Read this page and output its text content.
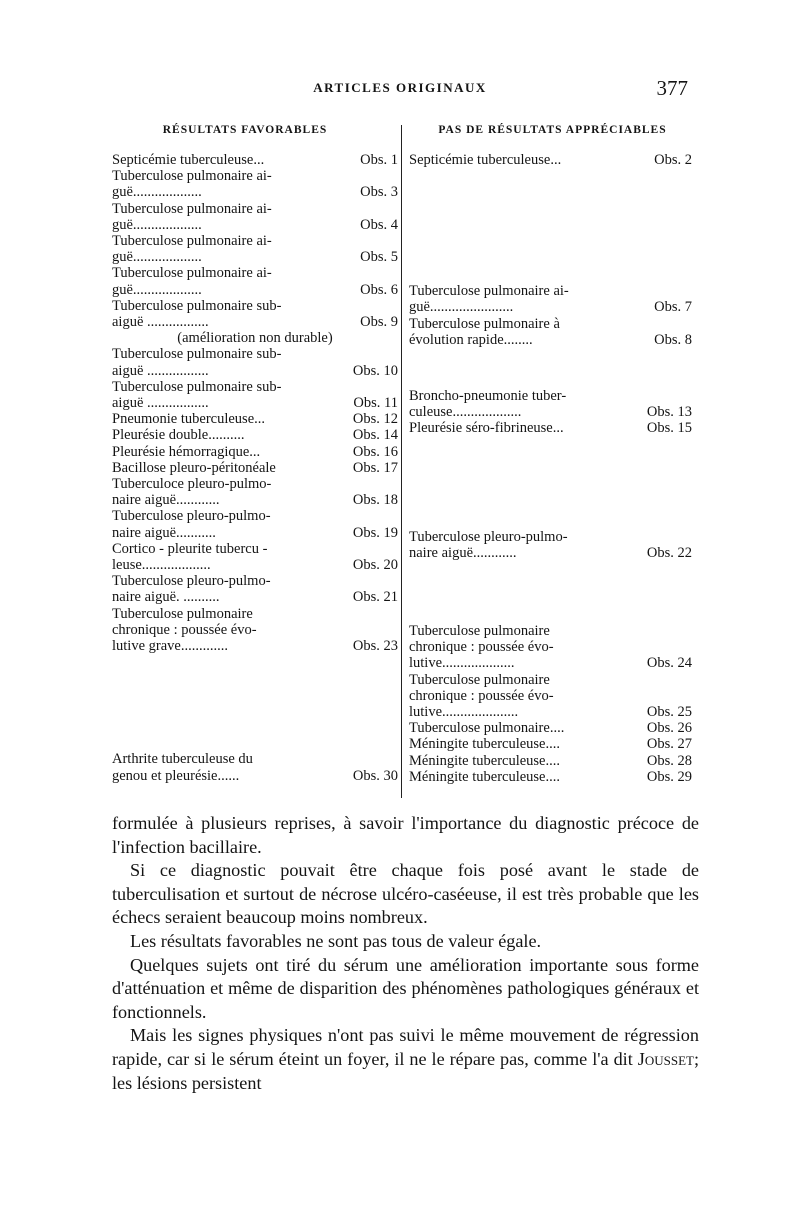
ARTICLES ORIGINAUX	377
RÉSULTATS FAVORABLES	PAS DE RÉSULTATS APPRÉCIABLES
Septicémie tuberculeuse...	Obs. 1
Tuberculose pulmonaire ai-
guë...................	Obs. 3
Tuberculose pulmonaire ai-
guë...................	Obs. 4
Tuberculose pulmonaire ai-
guë...................	Obs. 5
Tuberculose pulmonaire ai-
guë...................	Obs. 6
Tuberculose pulmonaire sub-
aiguë .................	Obs. 9
(amélioration non durable)
Tuberculose pulmonaire sub-
aiguë .................	Obs. 10
Tuberculose pulmonaire sub-
aiguë .................	Obs. 11
Pneumonie tuberculeuse...	Obs. 12
Pleurésie double..........	Obs. 14
Pleurésie hémorragique...	Obs. 16
Bacillose pleuro-péritonéale	Obs. 17
Tuberculoce pleuro-pulmo-
naire aiguë............	Obs. 18
Tuberculose pleuro-pulmo-
naire aiguë...........	Obs. 19
Cortico - pleurite tubercu -
leuse...................	Obs. 20
Tuberculose pleuro-pulmo-
naire aiguë. ..........	Obs. 21
Tuberculose pulmonaire
chronique : poussée évo-
lutive grave.............	Obs. 23
Arthrite tuberculeuse du
genou et pleurésie......	Obs. 30
Septicémie tuberculeuse...	Obs. 2
Tuberculose pulmonaire ai-
guë.......................	Obs. 7
Tuberculose pulmonaire à
évolution rapide........	Obs. 8
Broncho-pneumonie tuber-
culeuse...................	Obs. 13
Pleurésie séro-fibrineuse...	Obs. 15
Tuberculose pleuro-pulmo-
naire aiguë............	Obs. 22
Tuberculose pulmonaire
chronique : poussée évo-
lutive....................	Obs. 24
Tuberculose pulmonaire
chronique : poussée évo-
lutive.....................	Obs. 25
Tuberculose pulmonaire....	Obs. 26
Méningite tuberculeuse....	Obs. 27
Méningite tuberculeuse....	Obs. 28
Méningite tuberculeuse....	Obs. 29

formulée à plusieurs reprises, à savoir l'importance du diagnostic précoce de l'infection bacillaire.

Si ce diagnostic pouvait être chaque fois posé avant le stade de tuberculisation et surtout de nécrose ulcéro-caséeuse, il est très probable que les échecs seraient beaucoup moins nombreux.

Les résultats favorables ne sont pas tous de valeur égale.

Quelques sujets ont tiré du sérum une amélioration importante sous forme d'atténuation et même de disparition des phénomènes pathologiques généraux et fonctionnels.

Mais les signes physiques n'ont pas suivi le même mouvement de régression rapide, car si le sérum éteint un foyer, il ne le répare pas, comme l'a dit Jousset; les lésions persistent
